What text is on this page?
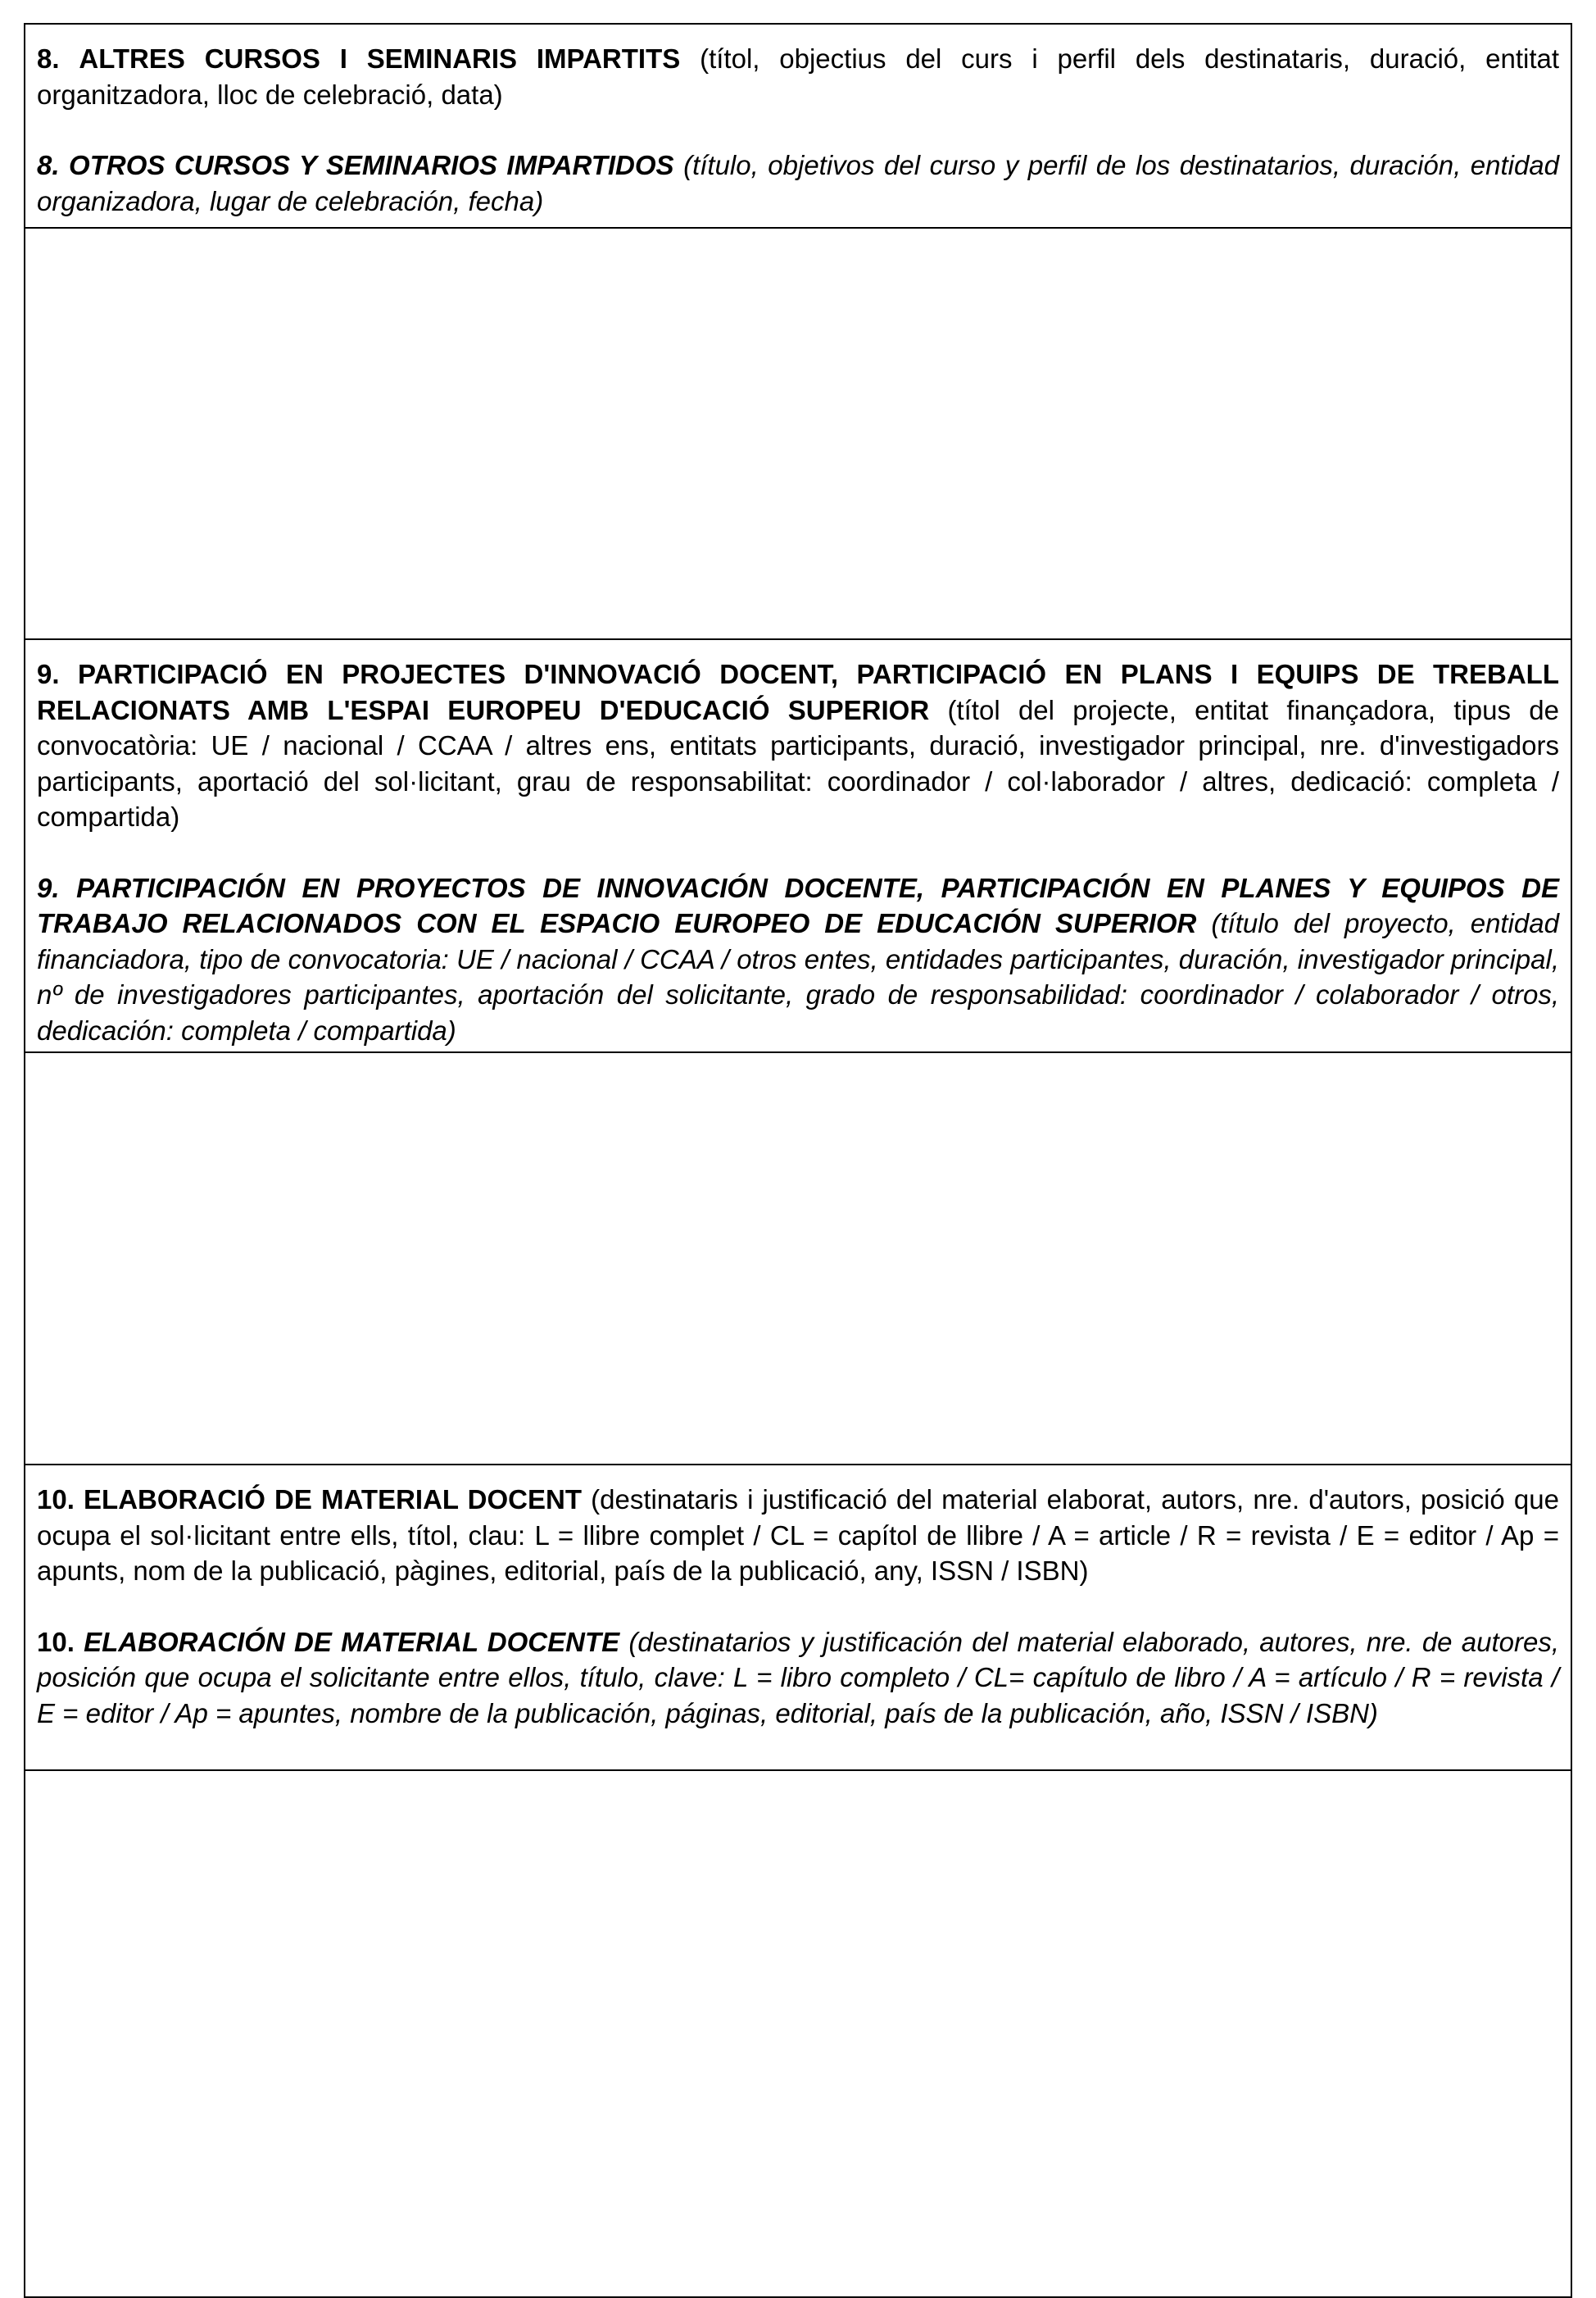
8. ALTRES CURSOS I SEMINARIS IMPARTITS (títol, objectius del curs i perfil dels destinataris, duració, entitat organitzadora, lloc de celebració, data)

8. OTROS CURSOS Y SEMINARIOS IMPARTIDOS (título, objetivos del curso y perfil de los destinatarios, duración, entidad organizadora, lugar de celebración, fecha)

9. PARTICIPACIÓ EN PROJECTES D'INNOVACIÓ DOCENT, PARTICIPACIÓ EN PLANS I EQUIPS DE TREBALL RELACIONATS AMB L'ESPAI EUROPEU D'EDUCACIÓ SUPERIOR (títol del projecte, entitat finançadora, tipus de convocatòria: UE / nacional / CCAA / altres ens, entitats participants, duració, investigador principal, nre. d'investigadors participants, aportació del sol·licitant, grau de responsabilitat: coordinador / col·laborador / altres, dedicació: completa / compartida)

9. PARTICIPACIÓN EN PROYECTOS DE INNOVACIÓN DOCENTE, PARTICIPACIÓN EN PLANES Y EQUIPOS DE TRABAJO RELACIONADOS CON EL ESPACIO EUROPEO DE EDUCACIÓN SUPERIOR (título del proyecto, entidad financiadora, tipo de convocatoria: UE / nacional / CCAA / otros entes, entidades participantes, duración, investigador principal, nº de investigadores participantes, aportación del solicitante, grado de responsabilidad: coordinador / colaborador / otros, dedicación: completa / compartida)

10. ELABORACIÓ DE MATERIAL DOCENT (destinataris i justificació del material elaborat, autors, nre. d'autors, posició que ocupa el sol·licitant entre ells, títol, clau: L = llibre complet / CL = capítol de llibre / A = article / R = revista / E = editor / Ap = apunts, nom de la publicació, pàgines, editorial, país de la publicació, any, ISSN / ISBN)

10. ELABORACIÓN DE MATERIAL DOCENTE (destinatarios y justificación del material elaborado, autores, nre. de autores, posición que ocupa el solicitante entre ellos, título, clave: L = libro completo / CL= capítulo de libro / A = artículo / R = revista / E = editor / Ap = apuntes, nombre de la publicación, páginas, editorial, país de la publicación, año, ISSN / ISBN)
